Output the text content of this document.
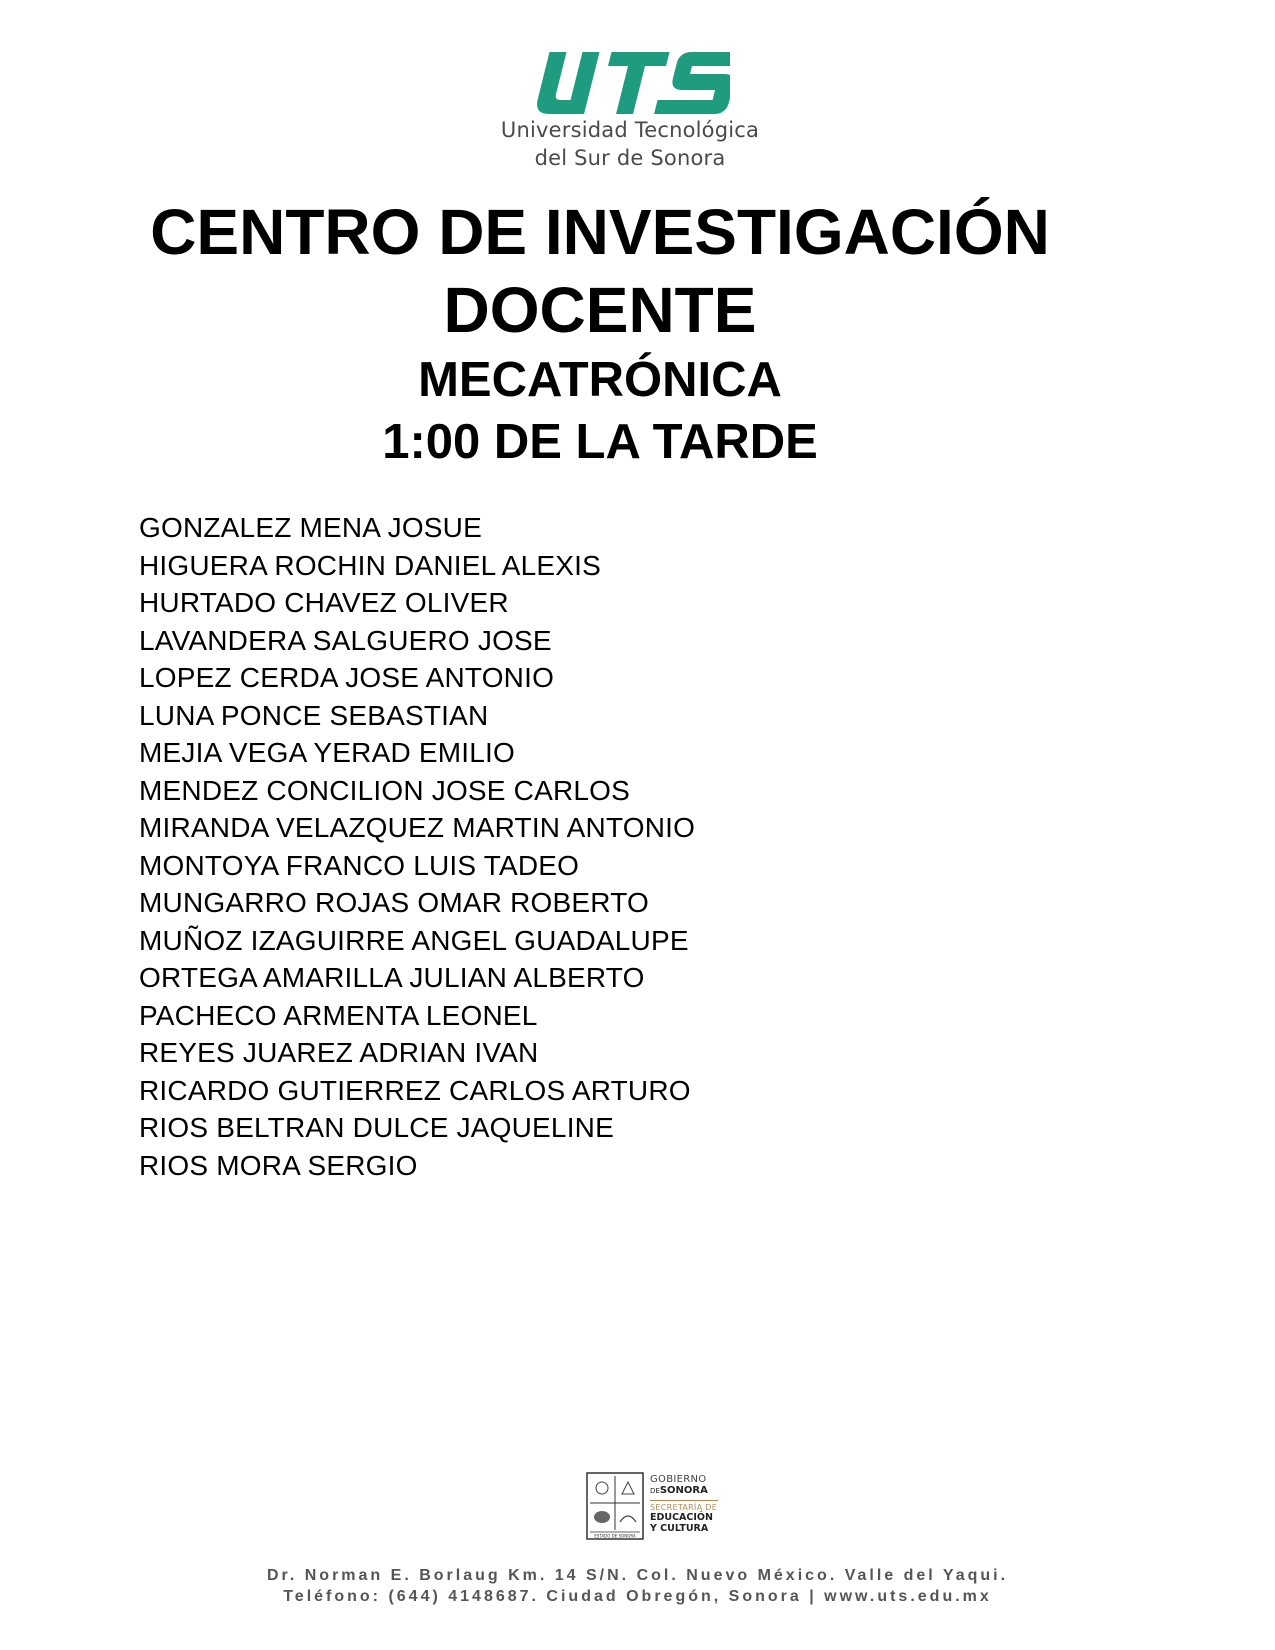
Universidad Tecnológica
del Sur de Sonora

CENTRO DE INVESTIGACIÓN

DOCENTE

MECATRÓNICA

1:00 DE LA TARDE

GONZALEZ MENA JOSUE
HIGUERA ROCHIN DANIEL ALEXIS
HURTADO CHAVEZ OLIVER
LAVANDERA SALGUERO JOSE
LOPEZ CERDA JOSE ANTONIO
LUNA PONCE SEBASTIAN
MEJIA VEGA YERAD EMILIO
MENDEZ CONCILION JOSE CARLOS
MIRANDA VELAZQUEZ MARTIN ANTONIO
MONTOYA FRANCO LUIS TADEO
MUNGARRO ROJAS OMAR ROBERTO
MUÑOZ IZAGUIRRE ANGEL GUADALUPE
ORTEGA AMARILLA JULIAN ALBERTO
PACHECO ARMENTA LEONEL
REYES JUAREZ ADRIAN IVAN
RICARDO GUTIERREZ CARLOS ARTURO
RIOS BELTRAN DULCE JAQUELINE
RIOS MORA SERGIO
ESTADO DE SONORA
GOBIERNO
DESONORA
SECRETARÍA DE
EDUCACIÓN
Y CULTURA
Dr. Norman E. Borlaug Km. 14 S/N. Col. Nuevo México. Valle del Yaqui.
Teléfono: (644) 4148687. Ciudad Obregón, Sonora | www.uts.edu.mx
